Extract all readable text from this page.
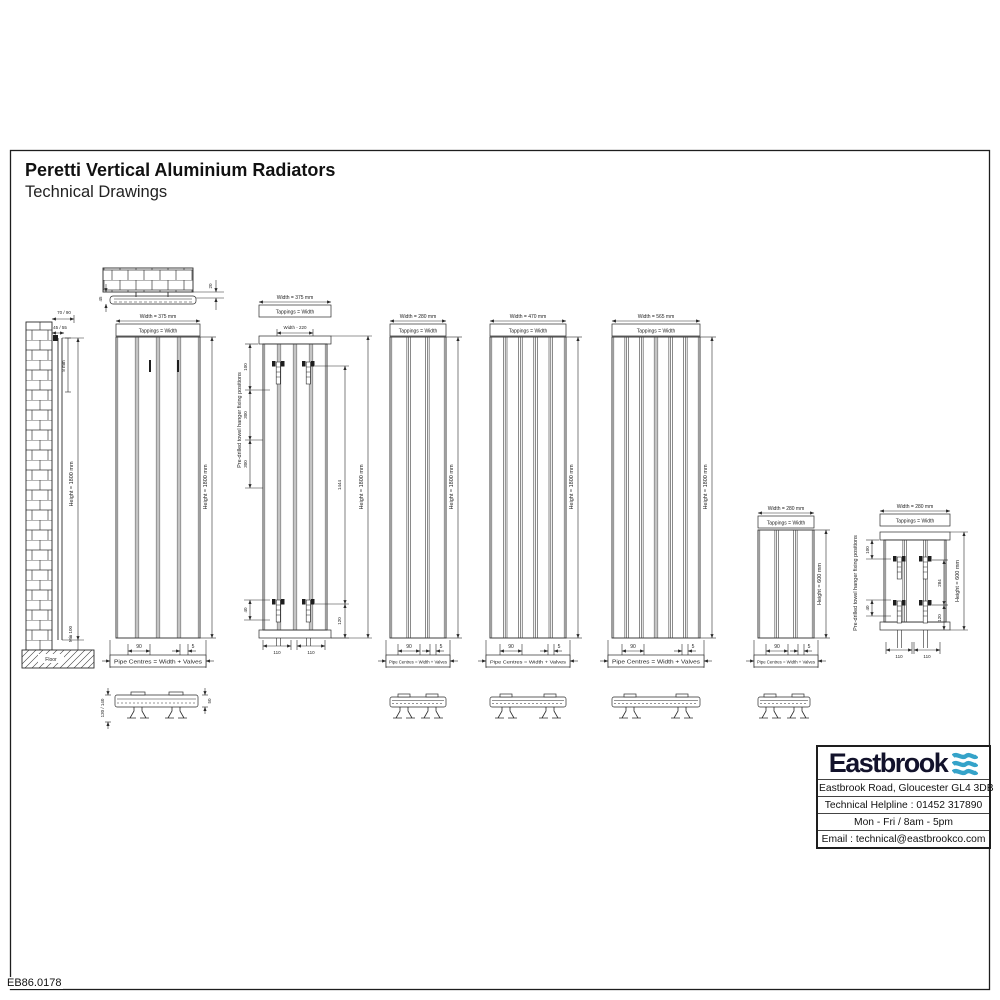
Peretti Vertical Aluminium Radiators
Technical Drawings
20
45
70 / 90
45 / 55
8 mm
Height = 1800 mm
Min 100
Floor
Width = 375 mm
Tappings = Width
Height = 1800 mm
90	5
Pipe Centres = Width + Valves
130 / 140	50
Width = 375 mm
Tappings = Width
Width - 220
Pre-drilled towel hanger fixing positions
100
300
300
40
110	110
1444
120
Height = 1800 mm
Width = 280 mm
Tappings = Width
Height = 1800 mm
90	5
Pipe Centres = Width + Valves
Width = 470 mm
Tappings = Width
Height = 1800 mm
90	5
Pipe Centres = Width + Valves
Width = 565 mm
Tappings = Width
Height = 1800 mm
90	5
Pipe Centres = Width + Valves
Width = 280 mm
Tappings = Width
Height = 600 mm
90	5
Pipe Centres = Width + Valves
Width = 280 mm
Tappings = Width
Pre-drilled towel hanger fixing positions 100
40
284
120
Height = 600 mm
110	110
Eastbrook
Eastbrook Road, Gloucester GL4 3DB
Technical Helpline : 01452 317890
Mon - Fri / 8am - 5pm
Email : technical@eastbrookco.com
EB86.0178
